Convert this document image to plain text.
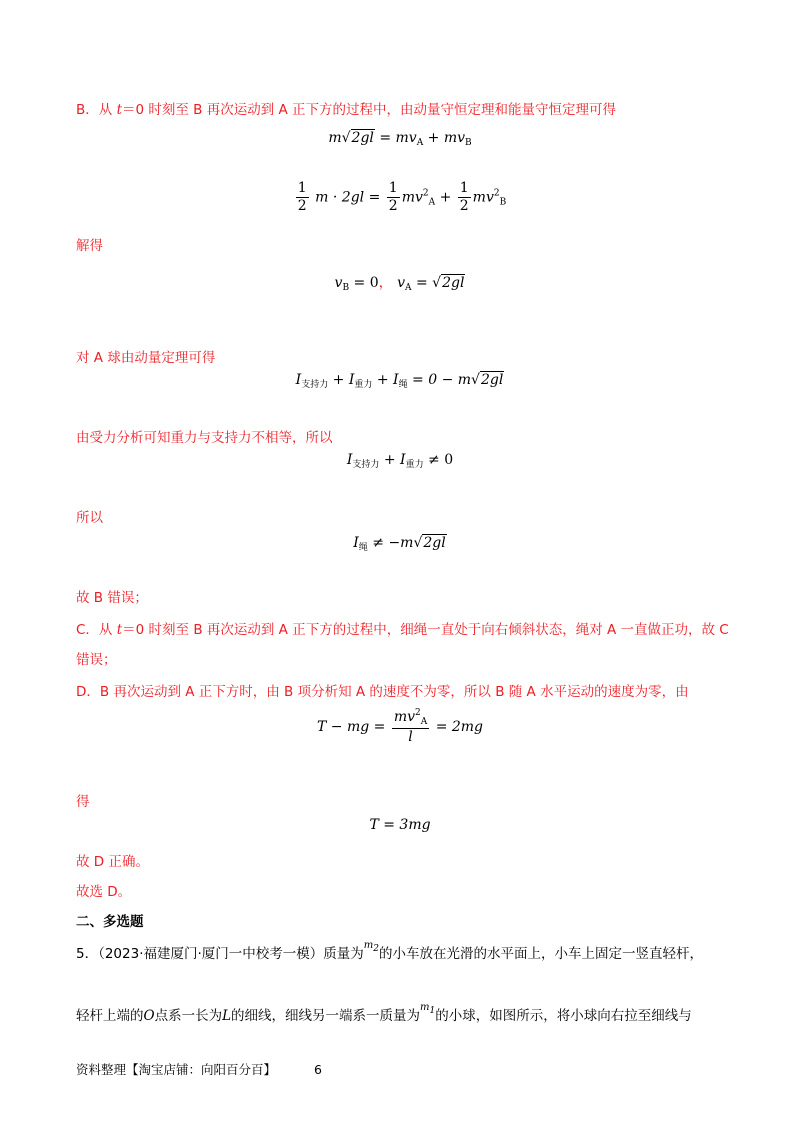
B．从 t＝0 时刻至 B 再次运动到 A 正下方的过程中，由动量守恒定理和能量守恒定理可得
$m√2gl = mv_A + mv_B$
$\frac{1}{2}$ $m \cdot 2gl = \frac{1}{2} mv^2_A + \frac{1}{2} mv^2_B$
解得
$v_B = 0$， $v_A = √2gl$
对 A 球由动量定理可得
$I_{支持力} + I_{重力} + I_绳 = 0 - m√2gl$
由受力分析可知重力与支持力不相等，所以
$I_{支持力} + I_{重力} \ne 0$
所以
$I_绳 \ne -m√2gl$
故 B 错误；
C．从 t＝0 时刻至 B 再次运动到 A 正下方的过程中，细绳一直处于向右倾斜状态，绳对 A 一直做正功，故 C
错误；
D．B 再次运动到 A 正下方时，由 B 项分析知 A 的速度不为零，所以 B 随 A 水平运动的速度为零，由
T − mg = $\frac{mv^2_A}{l} = 2mg$
得
T = 3mg
故 D 正确。
故选 D。
二、多选题
5．（2023·福建厦门·厦门一中校考一模）质量为$^{m2}$的小车放在光滑的水平面上，小车上固定一竖直轻杆，
轻杆上端的O点系一长为L的细线，细线另一端系一质量为$^{m1}$的小球，如图所示，将小球向右拉至细线与
资料整理【淘宝店铺：向阳百分百】	6
